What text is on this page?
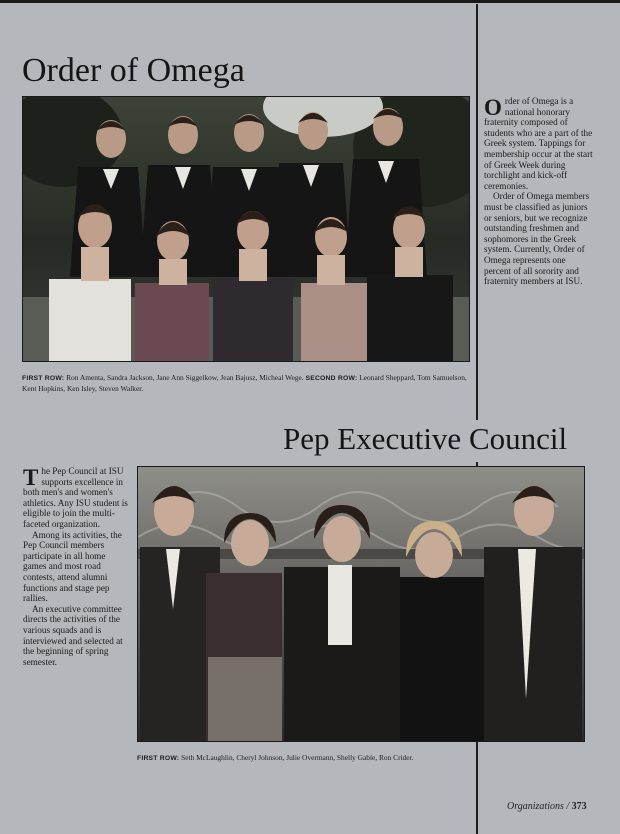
Order of Omega
FIRST ROW: Ron Amenta, Sandra Jackson, Jane Ann Siggelkow, Jean Bajusz, Micheal Wege. SECOND ROW: Leonard Sheppard, Tom Samuelson, Kent Hopkins, Ken Isley, Steven Walker.

Order of Omega is a national honorary fraternity composed of students who are a part of the Greek system. Tappings for membership occur at the start of Greek Week during torchlight and kick-off ceremonies.

Order of Omega members must be classified as juniors or seniors, but we recognize outstanding freshmen and sophomores in the Greek system. Currently, Order of Omega represents one percent of all sorority and fraternity members at ISU.

Pep Executive Council

The Pep Council at ISU supports excellence in both men's and women's athletics. Any ISU student is eligible to join the multi-faceted organization.

Among its activities, the Pep Council members participate in all home games and most road contests, attend alumni functions and stage pep rallies.

An executive committee directs the activities of the various squads and is interviewed and selected at the beginning of spring semester.

FIRST ROW: Seth McLaughlin, Cheryl Johnson, Julie Overmann, Shelly Gable, Ron Crider.
Organizations / 373
